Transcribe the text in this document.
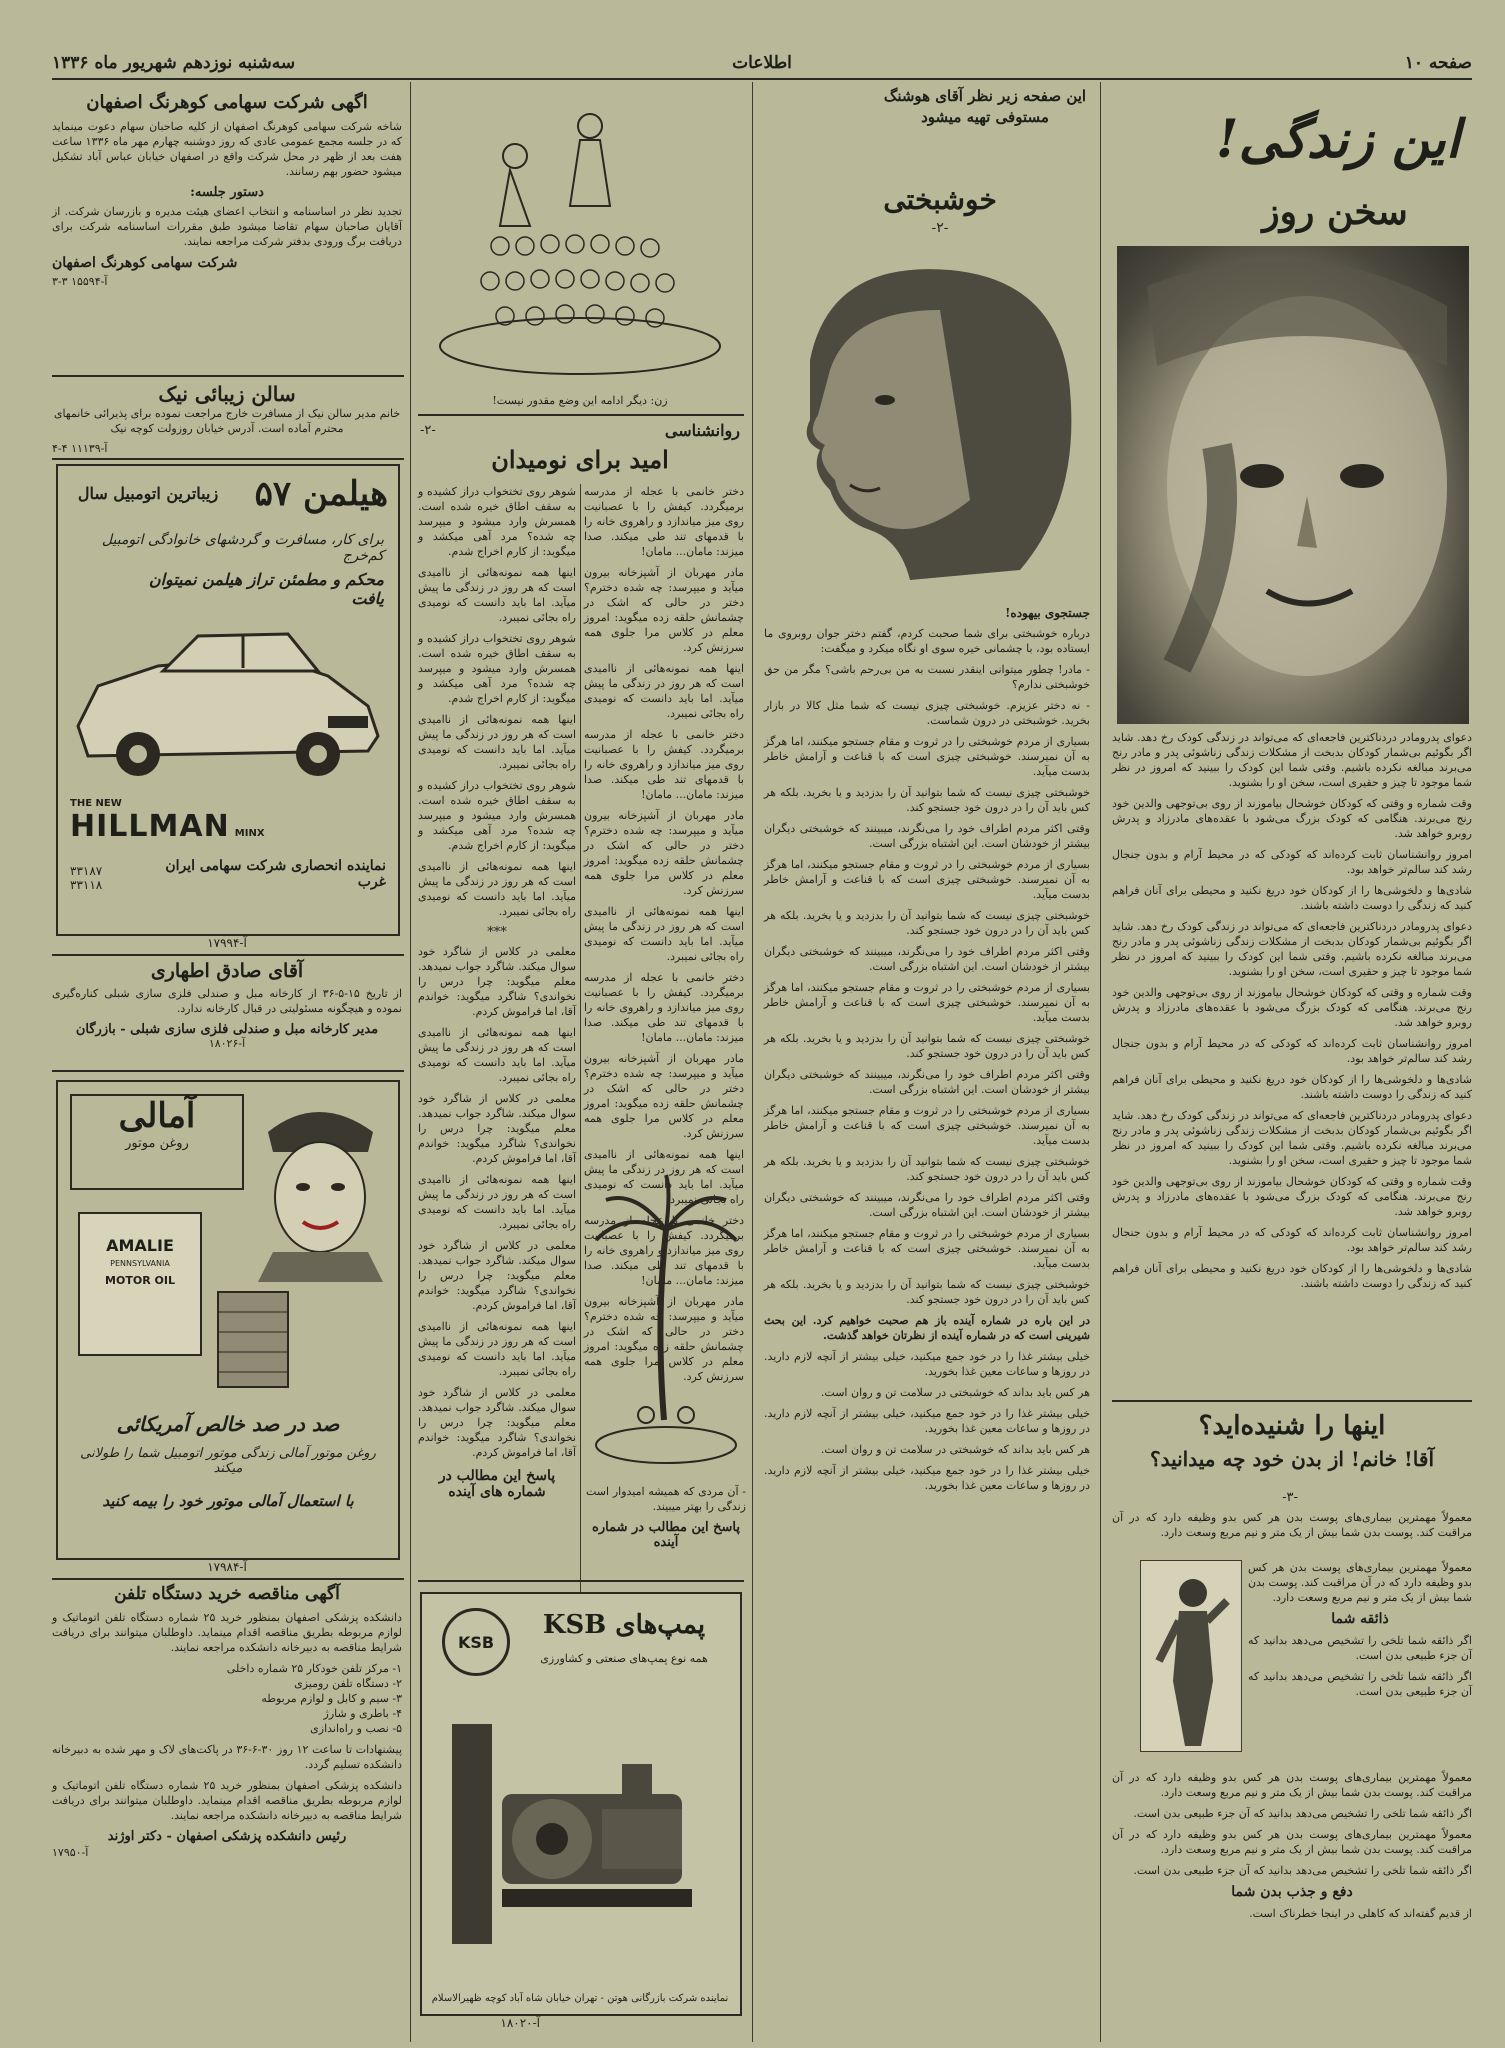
سه‌شنبه نوزدهم شهریور ماه ۱۳۳۶	اطلاعات	صفحه ۱۰
این زندگی!
سخن روز

دعوای پدرومادر دردناکترین فاجعه‌ای که می‌تواند در زندگی کودک رخ دهد. شاید اگر بگوئیم بی‌شمار کودکان بدبخت از مشکلات زندگی زناشوئی پدر و مادر رنج می‌برند مبالغه نکرده باشیم. وقتی شما این کودک را ببینید که امروز در نظر شما موجود تا چیز و حقیری است، سخن او را بشنوید.

وقت شماره و وقتی که کودکان خوشحال بیاموزند از روی بی‌توجهی والدین خود رنج می‌برند. هنگامی که کودک بزرگ می‌شود با عقده‌های مادرزاد و پدرش روبرو خواهد شد.

امروز روانشناسان ثابت کرده‌اند که کودکی که در محیط آرام و بدون جنجال رشد کند سالم‌تر خواهد بود.

شادی‌ها و دلخوشی‌ها را از کودکان خود دریغ نکنید و محیطی برای آنان فراهم کنید که زندگی را دوست داشته باشند.

دعوای پدرومادر دردناکترین فاجعه‌ای که می‌تواند در زندگی کودک رخ دهد. شاید اگر بگوئیم بی‌شمار کودکان بدبخت از مشکلات زندگی زناشوئی پدر و مادر رنج می‌برند مبالغه نکرده باشیم. وقتی شما این کودک را ببینید که امروز در نظر شما موجود تا چیز و حقیری است، سخن او را بشنوید.

وقت شماره و وقتی که کودکان خوشحال بیاموزند از روی بی‌توجهی والدین خود رنج می‌برند. هنگامی که کودک بزرگ می‌شود با عقده‌های مادرزاد و پدرش روبرو خواهد شد.

امروز روانشناسان ثابت کرده‌اند که کودکی که در محیط آرام و بدون جنجال رشد کند سالم‌تر خواهد بود.

شادی‌ها و دلخوشی‌ها را از کودکان خود دریغ نکنید و محیطی برای آنان فراهم کنید که زندگی را دوست داشته باشند.

دعوای پدرومادر دردناکترین فاجعه‌ای که می‌تواند در زندگی کودک رخ دهد. شاید اگر بگوئیم بی‌شمار کودکان بدبخت از مشکلات زندگی زناشوئی پدر و مادر رنج می‌برند مبالغه نکرده باشیم. وقتی شما این کودک را ببینید که امروز در نظر شما موجود تا چیز و حقیری است، سخن او را بشنوید.

وقت شماره و وقتی که کودکان خوشحال بیاموزند از روی بی‌توجهی والدین خود رنج می‌برند. هنگامی که کودک بزرگ می‌شود با عقده‌های مادرزاد و پدرش روبرو خواهد شد.

امروز روانشناسان ثابت کرده‌اند که کودکی که در محیط آرام و بدون جنجال رشد کند سالم‌تر خواهد بود.

شادی‌ها و دلخوشی‌ها را از کودکان خود دریغ نکنید و محیطی برای آنان فراهم کنید که زندگی را دوست داشته باشند.

اینها را شنیده‌اید؟
آقا! خانم! از بدن خود چه میدانید؟
-۳-

معمولاً مهمترین بیماری‌های پوست بدن هر کس بدو وظیفه دارد که در آن مراقبت کند. پوست بدن شما بیش از یک متر و نیم مربع وسعت دارد.

معمولاً مهمترین بیماری‌های پوست بدن هر کس بدو وظیفه دارد که در آن مراقبت کند. پوست بدن شما بیش از یک متر و نیم مربع وسعت دارد.

ذائقه شما

اگر ذائقه شما تلخی را تشخیص می‌دهد بدانید که آن جزء طبیعی بدن است.

اگر ذائقه شما تلخی را تشخیص می‌دهد بدانید که آن جزء طبیعی بدن است.

معمولاً مهمترین بیماری‌های پوست بدن هر کس بدو وظیفه دارد که در آن مراقبت کند. پوست بدن شما بیش از یک متر و نیم مربع وسعت دارد.

اگر ذائقه شما تلخی را تشخیص می‌دهد بدانید که آن جزء طبیعی بدن است.

معمولاً مهمترین بیماری‌های پوست بدن هر کس بدو وظیفه دارد که در آن مراقبت کند. پوست بدن شما بیش از یک متر و نیم مربع وسعت دارد.

اگر ذائقه شما تلخی را تشخیص می‌دهد بدانید که آن جزء طبیعی بدن است.

دفع و جذب بدن شما

از قدیم گفته‌اند که کاهلی در اینجا خطرناک است.

این صفحه زیر نظر آقای هوشنگ مستوفی تهیه میشود
خوشبختی
-۲-
جستجوی بیهوده!

درباره خوشبختی برای شما صحبت کردم، گفتم دختر جوان روبروی ما ایستاده بود، با چشمانی خیره سوی او نگاه میکرد و میگفت:

- مادر! چطور میتوانی اینقدر نسبت به من بی‌رحم باشی؟ مگر من حق خوشبختی ندارم؟

- نه دختر عزیزم. خوشبختی چیزی نیست که شما مثل کالا در بازار بخرید. خوشبختی در درون شماست.

بسیاری از مردم خوشبختی را در ثروت و مقام جستجو میکنند، اما هرگز به آن نمیرسند. خوشبختی چیزی است که با قناعت و آرامش خاطر بدست میآید.

خوشبختی چیزی نیست که شما بتوانید آن را بدزدید و یا بخرید. بلکه هر کس باید آن را در درون خود جستجو کند.

وقتی اکثر مردم اطراف خود را می‌نگرند، میبینند که خوشبختی دیگران بیشتر از خودشان است. این اشتباه بزرگی است.

بسیاری از مردم خوشبختی را در ثروت و مقام جستجو میکنند، اما هرگز به آن نمیرسند. خوشبختی چیزی است که با قناعت و آرامش خاطر بدست میآید.

خوشبختی چیزی نیست که شما بتوانید آن را بدزدید و یا بخرید. بلکه هر کس باید آن را در درون خود جستجو کند.

وقتی اکثر مردم اطراف خود را می‌نگرند، میبینند که خوشبختی دیگران بیشتر از خودشان است. این اشتباه بزرگی است.

بسیاری از مردم خوشبختی را در ثروت و مقام جستجو میکنند، اما هرگز به آن نمیرسند. خوشبختی چیزی است که با قناعت و آرامش خاطر بدست میآید.

خوشبختی چیزی نیست که شما بتوانید آن را بدزدید و یا بخرید. بلکه هر کس باید آن را در درون خود جستجو کند.

وقتی اکثر مردم اطراف خود را می‌نگرند، میبینند که خوشبختی دیگران بیشتر از خودشان است. این اشتباه بزرگی است.

بسیاری از مردم خوشبختی را در ثروت و مقام جستجو میکنند، اما هرگز به آن نمیرسند. خوشبختی چیزی است که با قناعت و آرامش خاطر بدست میآید.

خوشبختی چیزی نیست که شما بتوانید آن را بدزدید و یا بخرید. بلکه هر کس باید آن را در درون خود جستجو کند.

وقتی اکثر مردم اطراف خود را می‌نگرند، میبینند که خوشبختی دیگران بیشتر از خودشان است. این اشتباه بزرگی است.

بسیاری از مردم خوشبختی را در ثروت و مقام جستجو میکنند، اما هرگز به آن نمیرسند. خوشبختی چیزی است که با قناعت و آرامش خاطر بدست میآید.

خوشبختی چیزی نیست که شما بتوانید آن را بدزدید و یا بخرید. بلکه هر کس باید آن را در درون خود جستجو کند.

در این باره در شماره آینده باز هم صحبت خواهیم کرد. این بحث شیرینی است که در شماره آینده از نظرتان خواهد گذشت.

خیلی بیشتر غذا را در خود جمع میکنید، خیلی بیشتر از آنچه لازم دارید. در روزها و ساعات معین غذا بخورید.

هر کس باید بداند که خوشبختی در سلامت تن و روان است.

خیلی بیشتر غذا را در خود جمع میکنید، خیلی بیشتر از آنچه لازم دارید. در روزها و ساعات معین غذا بخورید.

هر کس باید بداند که خوشبختی در سلامت تن و روان است.

خیلی بیشتر غذا را در خود جمع میکنید، خیلی بیشتر از آنچه لازم دارید. در روزها و ساعات معین غذا بخورید.

زن: دیگر ادامه این وضع مقدور نیست!
-۲-	روانشناسی
امید برای نومیدان

دختر خانمی با عجله از مدرسه برمیگردد. کیفش را با عصبانیت روی میز میاندازد و راهروی خانه را با قدمهای تند طی میکند. صدا میزند: مامان... مامان!

مادر مهربان از آشپزخانه بیرون میآید و میپرسد: چه شده دخترم؟ دختر در حالی که اشک در چشمانش حلقه زده میگوید: امروز معلم در کلاس مرا جلوی همه سرزنش کرد.

اینها همه نمونه‌هائی از ناامیدی است که هر روز در زندگی ما پیش میآید. اما باید دانست که نومیدی راه بجائی نمیبرد.

دختر خانمی با عجله از مدرسه برمیگردد. کیفش را با عصبانیت روی میز میاندازد و راهروی خانه را با قدمهای تند طی میکند. صدا میزند: مامان... مامان!

مادر مهربان از آشپزخانه بیرون میآید و میپرسد: چه شده دخترم؟ دختر در حالی که اشک در چشمانش حلقه زده میگوید: امروز معلم در کلاس مرا جلوی همه سرزنش کرد.

اینها همه نمونه‌هائی از ناامیدی است که هر روز در زندگی ما پیش میآید. اما باید دانست که نومیدی راه بجائی نمیبرد.

دختر خانمی با عجله از مدرسه برمیگردد. کیفش را با عصبانیت روی میز میاندازد و راهروی خانه را با قدمهای تند طی میکند. صدا میزند: مامان... مامان!

مادر مهربان از آشپزخانه بیرون میآید و میپرسد: چه شده دخترم؟ دختر در حالی که اشک در چشمانش حلقه زده میگوید: امروز معلم در کلاس مرا جلوی همه سرزنش کرد.

اینها همه نمونه‌هائی از ناامیدی است که هر روز در زندگی ما پیش میآید. اما باید دانست که نومیدی راه بجائی نمیبرد.

دختر خانمی با عجله از مدرسه برمیگردد. کیفش را با عصبانیت روی میز میاندازد و راهروی خانه را با قدمهای تند طی میکند. صدا میزند: مامان... مامان!

مادر مهربان از آشپزخانه بیرون میآید و میپرسد: چه شده دخترم؟ دختر در حالی که اشک در چشمانش حلقه زده میگوید: امروز معلم در کلاس مرا جلوی همه سرزنش کرد.

شوهر روی تختخواب دراز کشیده و به سقف اطاق خیره شده است. همسرش وارد میشود و میپرسد چه شده؟ مرد آهی میکشد و میگوید: از کارم اخراج شدم.

اینها همه نمونه‌هائی از ناامیدی است که هر روز در زندگی ما پیش میآید. اما باید دانست که نومیدی راه بجائی نمیبرد.

شوهر روی تختخواب دراز کشیده و به سقف اطاق خیره شده است. همسرش وارد میشود و میپرسد چه شده؟ مرد آهی میکشد و میگوید: از کارم اخراج شدم.

اینها همه نمونه‌هائی از ناامیدی است که هر روز در زندگی ما پیش میآید. اما باید دانست که نومیدی راه بجائی نمیبرد.

شوهر روی تختخواب دراز کشیده و به سقف اطاق خیره شده است. همسرش وارد میشود و میپرسد چه شده؟ مرد آهی میکشد و میگوید: از کارم اخراج شدم.

اینها همه نمونه‌هائی از ناامیدی است که هر روز در زندگی ما پیش میآید. اما باید دانست که نومیدی راه بجائی نمیبرد.

***

معلمی در کلاس از شاگرد خود سوال میکند. شاگرد جواب نمیدهد. معلم میگوید: چرا درس را نخواندی؟ شاگرد میگوید: خواندم آقا، اما فراموش کردم.

اینها همه نمونه‌هائی از ناامیدی است که هر روز در زندگی ما پیش میآید. اما باید دانست که نومیدی راه بجائی نمیبرد.

معلمی در کلاس از شاگرد خود سوال میکند. شاگرد جواب نمیدهد. معلم میگوید: چرا درس را نخواندی؟ شاگرد میگوید: خواندم آقا، اما فراموش کردم.

اینها همه نمونه‌هائی از ناامیدی است که هر روز در زندگی ما پیش میآید. اما باید دانست که نومیدی راه بجائی نمیبرد.

معلمی در کلاس از شاگرد خود سوال میکند. شاگرد جواب نمیدهد. معلم میگوید: چرا درس را نخواندی؟ شاگرد میگوید: خواندم آقا، اما فراموش کردم.

اینها همه نمونه‌هائی از ناامیدی است که هر روز در زندگی ما پیش میآید. اما باید دانست که نومیدی راه بجائی نمیبرد.

معلمی در کلاس از شاگرد خود سوال میکند. شاگرد جواب نمیدهد. معلم میگوید: چرا درس را نخواندی؟ شاگرد میگوید: خواندم آقا، اما فراموش کردم.

پاسخ این مطالب در شماره های آینده	- آن مردی که همیشه امیدوار است زندگی را بهتر میبیند.

پاسخ این مطالب در شماره آینده
KSB
پمپ‌های KSB
همه نوع پمپ‌های صنعتی و کشاورزی
نماینده شرکت بازرگانی هوتن - تهران خیابان شاه آباد کوچه ظهیرالاسلام
آ-۱۸۰۲۰
اگهی شرکت سهامی کوهرنگ اصفهان

شاخه شرکت سهامی کوهرنگ اصفهان از کلیه صاحبان سهام دعوت مینماید که در جلسه مجمع عمومی عادی که روز دوشنبه چهارم مهر ماه ۱۳۳۶ ساعت هفت بعد از ظهر در محل شرکت واقع در اصفهان خیابان عباس آباد تشکیل میشود حضور بهم رسانند.

دستور جلسه:

تجدید نظر در اساسنامه و انتخاب اعضای هیئت مدیره و بازرسان شرکت. از آقایان صاحبان سهام تقاضا میشود طبق مقررات اساسنامه شرکت برای دریافت برگ ورودی بدفتر شرکت مراجعه نمایند.

شرکت سهامی کوهرنگ اصفهان
آ-۱۵۵۹۴ ۳-۳
سالن زیبائی نیک

خانم مدیر سالن نیک از مسافرت خارج مراجعت نموده برای پذیرائی خانمهای محترم آماده است. آدرس خیابان روزولت کوچه نیک

آ-۱۱۱۳۹ ۴-۴
هیلمن ۵۷
زیباترین اتومبیل سال
برای کار، مسافرت و گردشهای خانوادگی اتومبیل کم‌خرج
محکم و مطمئن تراز هیلمن نمیتوان یافت
THE NEW
HILLMAN MINX
نماینده انحصاری شرکت سهامی ایران غرب
۳۳۱۸۷
۳۳۱۱۸
آ-۱۷۹۹۴
آقای صادق اطهاری

از تاریخ ۱۵-۵-۳۶ از کارخانه مبل و صندلی فلزی سازی شبلی کناره‌گیری نموده و هیچگونه مسئولیتی در قبال کارخانه ندارد.

مدیر کارخانه مبل و صندلی فلزی سازی شبلی - بازرگان
آ-۱۸۰۲۶
آمالی
روغن موتور
AMALIE
PENNSYLVANIA
MOTOR OIL
صد در صد خالص آمریکائی
روغن موتور آمالی زندگی موتور اتومبیل شما را طولانی میکند
با استعمال آمالی موتور خود را بیمه کنید
آ-۱۷۹۸۴
آگهی مناقصه خرید دستگاه تلفن

دانشکده پزشکی اصفهان بمنظور خرید ۲۵ شماره دستگاه تلفن اتوماتیک و لوازم مربوطه بطریق مناقصه اقدام مینماید. داوطلبان میتوانند برای دریافت شرایط مناقصه به دبیرخانه دانشکده مراجعه نمایند.

۱- مرکز تلفن خودکار ۲۵ شماره داخلی
۲- دستگاه تلفن رومیزی
۳- سیم و کابل و لوازم مربوطه
۴- باطری و شارژ
۵- نصب و راه‌اندازی

پیشنهادات تا ساعت ۱۲ روز ۳۰-۶-۳۶ در پاکت‌های لاک و مهر شده به دبیرخانه دانشکده تسلیم گردد.

دانشکده پزشکی اصفهان بمنظور خرید ۲۵ شماره دستگاه تلفن اتوماتیک و لوازم مربوطه بطریق مناقصه اقدام مینماید. داوطلبان میتوانند برای دریافت شرایط مناقصه به دبیرخانه دانشکده مراجعه نمایند.

رئیس دانشکده پزشکی اصفهان - دکتر اوژند
آ-۱۷۹۵۰
